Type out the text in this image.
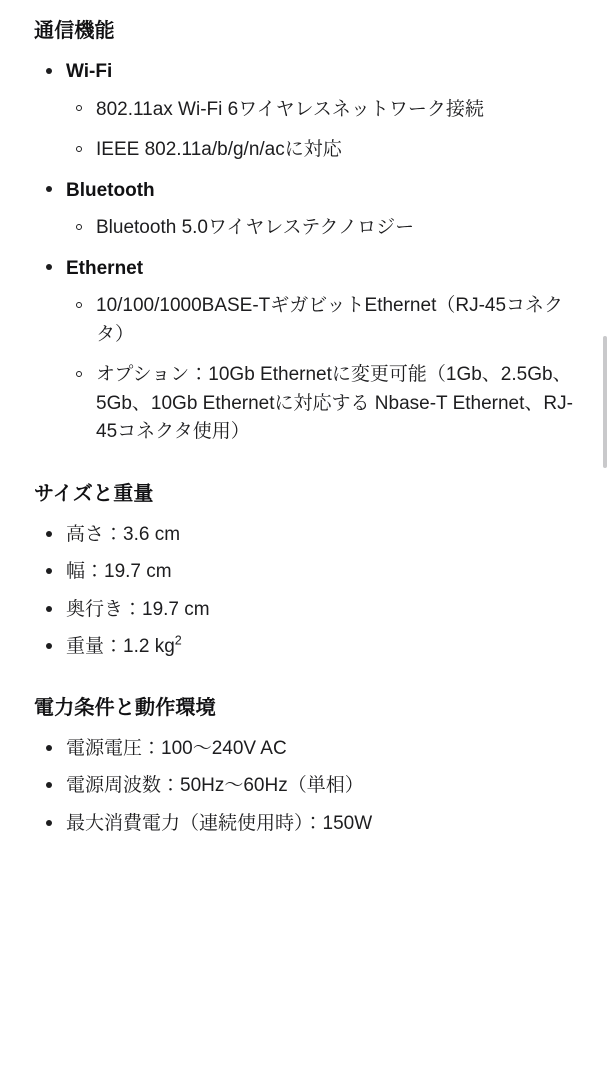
通信機能
Wi-Fi
802.11ax Wi-Fi 6ワイヤレスネットワーク接続
IEEE 802.11a/b/g/n/acに対応
Bluetooth
Bluetooth 5.0ワイヤレステクノロジー
Ethernet
10/100/1000BASE-TギガビットEthernet（RJ-45コネクタ）
オプション：10Gb Ethernetに変更可能（1Gb、2.5Gb、5Gb、10Gb Ethernetに対応する Nbase-T Ethernet、RJ-45コネクタ使用）
サイズと重量
高さ：3.6 cm
幅：19.7 cm
奥行き：19.7 cm
重量：1.2 $kg^2$
電力条件と動作環境
電源電圧：100〜240V AC
電源周波数：50Hz〜60Hz（単相）
最大消費電力（連続使用時）：150W
